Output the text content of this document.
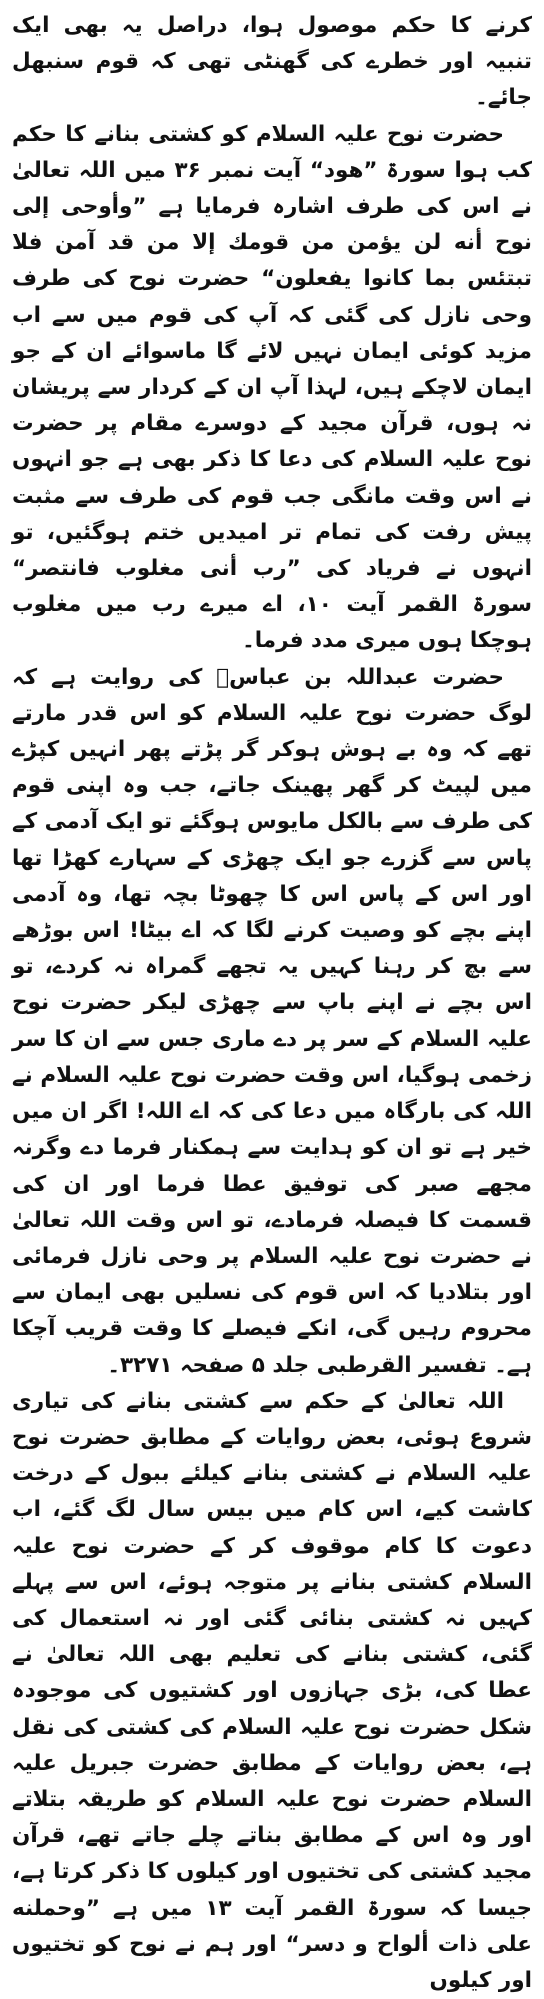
کرنے کا حکم موصول ہوا، دراصل یہ بھی ایک تنبیہ اور خطرے کی گھنٹی تھی کہ قوم سنبھل جائے۔

حضرت نوح علیہ السلام کو کشتی بنانے کا حکم کب ہوا سورۃ ”ھود“ آیت نمبر ۳۶ میں اللہ تعالیٰ نے اس کی طرف اشارہ فرمایا ہے ”وأوحی إلی نوح أنه لن يؤمن من قومك إلا من قد آمن فلا تبتئس بما كانوا يفعلون“ حضرت نوح کی طرف وحی نازل کی گئی کہ آپ کی قوم میں سے اب مزید کوئی ایمان نہیں لائے گا ماسوائے ان کے جو ایمان لاچکے ہیں، لہذا آپ ان کے کردار سے پریشان نہ ہوں، قرآن مجید کے دوسرے مقام پر حضرت نوح علیہ السلام کی دعا کا ذکر بھی ہے جو انہوں نے اس وقت مانگی جب قوم کی طرف سے مثبت پیش رفت کی تمام تر امیدیں ختم ہوگئیں، تو انہوں نے فریاد کی ”رب أنی مغلوب فانتصر“ سورۃ القمر آیت ۱۰، اے میرے رب میں مغلوب ہوچکا ہوں میری مدد فرما۔

حضرت عبداللہ بن عباسؓ کی روایت ہے کہ لوگ حضرت نوح علیہ السلام کو اس قدر مارتے تھے کہ وہ بے ہوش ہوکر گر پڑتے پھر انہیں کپڑے میں لپیٹ کر گھر پھینک جاتے، جب وہ اپنی قوم کی طرف سے بالکل مایوس ہوگئے تو ایک آدمی کے پاس سے گزرے جو ایک چھڑی کے سہارے کھڑا تھا اور اس کے پاس اس کا چھوٹا بچہ تھا، وہ آدمی اپنے بچے کو وصیت کرنے لگا کہ اے بیٹا! اس بوڑھے سے بچ کر رہنا کہیں یہ تجھے گمراہ نہ کردے، تو اس بچے نے اپنے باپ سے چھڑی لیکر حضرت نوح علیہ السلام کے سر پر دے ماری جس سے ان کا سر زخمی ہوگیا، اس وقت حضرت نوح علیہ السلام نے اللہ کی بارگاہ میں دعا کی کہ اے اللہ! اگر ان میں خیر ہے تو ان کو ہدایت سے ہمکنار فرما دے وگرنہ مجھے صبر کی توفیق عطا فرما اور ان کی قسمت کا فیصلہ فرمادے، تو اس وقت اللہ تعالیٰ نے حضرت نوح علیہ السلام پر وحی نازل فرمائی اور بتلادیا کہ اس قوم کی نسلیں بھی ایمان سے محروم رہیں گی، انکے فیصلے کا وقت قریب آچکا ہے۔ تفسیر القرطبی جلد ۵ صفحہ ۳۲۷۱۔

اللہ تعالیٰ کے حکم سے کشتی بنانے کی تیاری شروع ہوئی، بعض روایات کے مطابق حضرت نوح علیہ السلام نے کشتی بنانے کیلئے ببول کے درخت کاشت کیے، اس کام میں بیس سال لگ گئے، اب دعوت کا کام موقوف کر کے حضرت نوح علیہ السلام کشتی بنانے پر متوجہ ہوئے، اس سے پہلے کہیں نہ کشتی بنائی گئی اور نہ استعمال کی گئی، کشتی بنانے کی تعلیم بھی اللہ تعالیٰ نے عطا کی، بڑی جہازوں اور کشتیوں کی موجودہ شکل حضرت نوح علیہ السلام کی کشتی کی نقل ہے، بعض روایات کے مطابق حضرت جبریل علیہ السلام حضرت نوح علیہ السلام کو طریقہ بتلاتے اور وہ اس کے مطابق بناتے چلے جاتے تھے، قرآن مجید کشتی کی تختیوں اور کیلوں کا ذکر کرتا ہے، جیسا کہ سورۃ القمر آیت ۱۳ میں ہے ”وحملنه علی ذات ألواح و دسر“ اور ہم نے نوح کو تختیوں اور کیلوں
